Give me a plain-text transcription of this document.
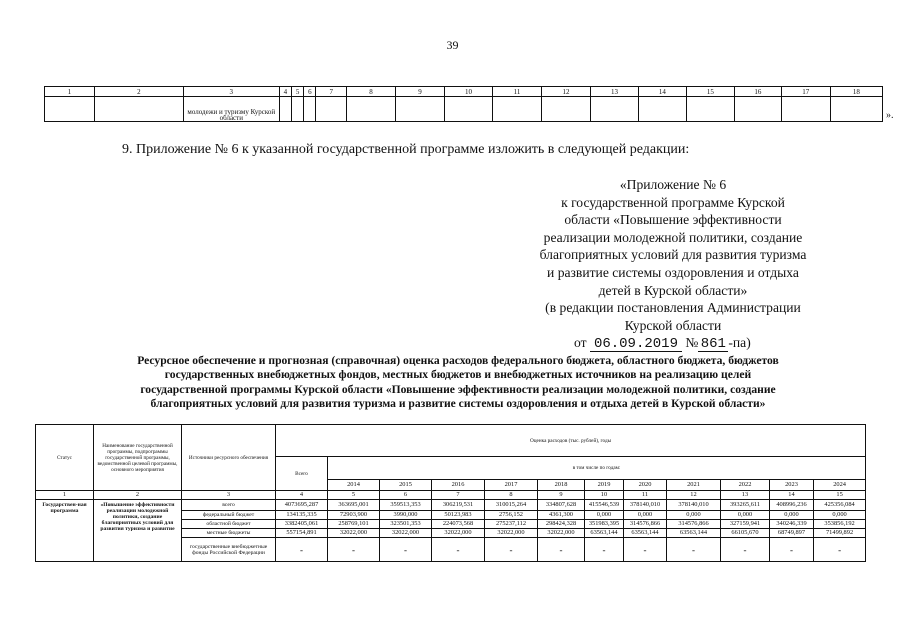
39
1	2	3	4	5	6	7	8	9	10	11	12	13	14	15	16	17	18
		молодежи и туризму Курской области																».
9. Приложение № 6 к указанной государственной программе изложить в следующей редакции:
«Приложение № 6
к государственной программе Курской
области «Повышение эффективности
реализации молодежной политики, создание
благоприятных условий для развития туризма
и развитие системы оздоровления и отдыха
детей в Курской области»
(в редакции постановления Администрации
Курской области
от 06.09.2019 № 861 -па)
Ресурсное обеспечение и прогнозная (справочная) оценка расходов федерального бюджета, областного бюджета, бюджетов
государственных внебюджетных фондов, местных бюджетов и внебюджетных источников на реализацию целей
государственной программы Курской области «Повышение эффективности реализации молодежной политики, создание
благоприятных условий для развития туризма и развитие системы оздоровления и отдыха детей в Курской области»
Статус	Наименование государственной программы, подпрограммы государственной программы, ведомственной целевой программы, основного мероприятия	Источники ресурсного обеспечения	Оценка расходов (тыс. рублей), годы											
			Всего	в том числе по годам:										
				2014	2015	2016	2017	2018	2019	2020	2021	2022	2023	2024
1	2	3	4	5	6	7	8	9	10	11	12	13	14	15
Государствен-ная программа	«Повышение эффективности реализации молодежной политики, создание благоприятных условий для развития туризма и развитие	всего	4073695,287	363695,001	359513,353	306219,531	310015,264	334807,628	415546,539	378140,010	378140,010	393265,611	408996,236	425356,084
		федеральный бюджет	134135,335	72903,900	3990,000	50123,983	2756,152	4361,300	0,000	0,000	0,000	0,000	0,000	0,000
		областной бюджет	3382405,061	258769,101	323501,353	224073,568	275237,112	298424,328	351983,395	314576,866	314576,866	327159,941	340246,339	353856,192
		местные бюджеты	557154,891	32022,000	32022,000	32022,000	32022,000	32022,000	63563,144	63563,144	63563,144	66105,670	68749,897	71499,892
		государственные внебюджетные фонды Российской Федерации	-	-	-	-	-	-	-	-	-	-	-	-
